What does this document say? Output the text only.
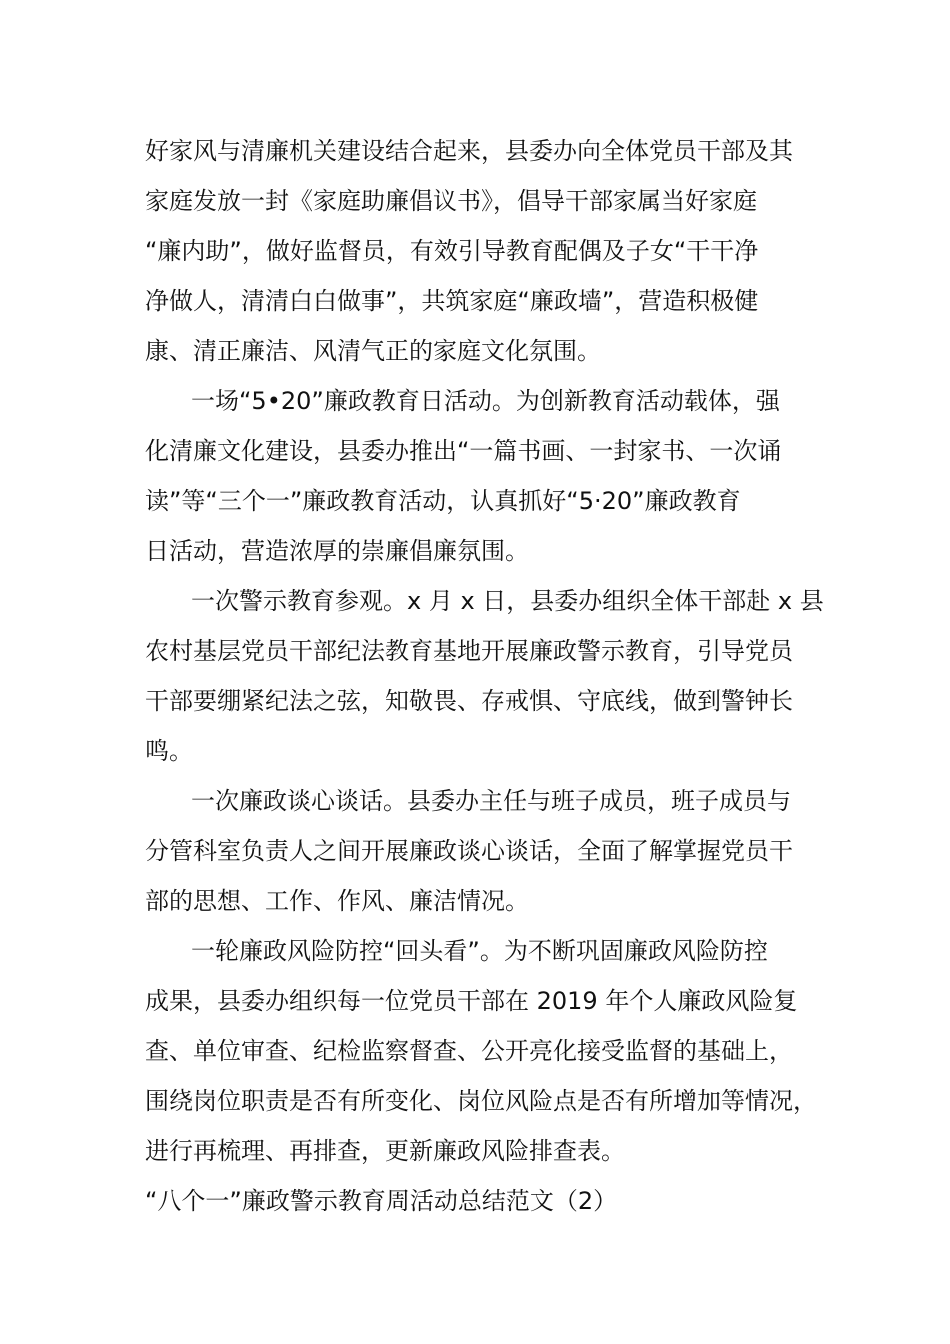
好家风与清廉机关建设结合起来，县委办向全体党员干部及其
家庭发放一封《家庭助廉倡议书》，倡导干部家属当好家庭
“廉内助”，做好监督员，有效引导教育配偶及子女“干干净
净做人，清清白白做事”，共筑家庭“廉政墙”，营造积极健
康、清正廉洁、风清气正的家庭文化氛围。
一场“5•20”廉政教育日活动。为创新教育活动载体，强
化清廉文化建设，县委办推出“一篇书画、一封家书、一次诵
读”等“三个一”廉政教育活动，认真抓好“5·20”廉政教育
日活动，营造浓厚的崇廉倡廉氛围。
一次警示教育参观。x 月 x 日，县委办组织全体干部赴 x 县
农村基层党员干部纪法教育基地开展廉政警示教育，引导党员
干部要绷紧纪法之弦，知敬畏、存戒惧、守底线，做到警钟长
鸣。
一次廉政谈心谈话。县委办主任与班子成员，班子成员与
分管科室负责人之间开展廉政谈心谈话，全面了解掌握党员干
部的思想、工作、作风、廉洁情况。
一轮廉政风险防控“回头看”。为不断巩固廉政风险防控
成果，县委办组织每一位党员干部在 2019 年个人廉政风险复
查、单位审查、纪检监察督查、公开亮化接受监督的基础上，
围绕岗位职责是否有所变化、岗位风险点是否有所增加等情况，
进行再梳理、再排查，更新廉政风险排查表。
“八个一”廉政警示教育周活动总结范文（2）
